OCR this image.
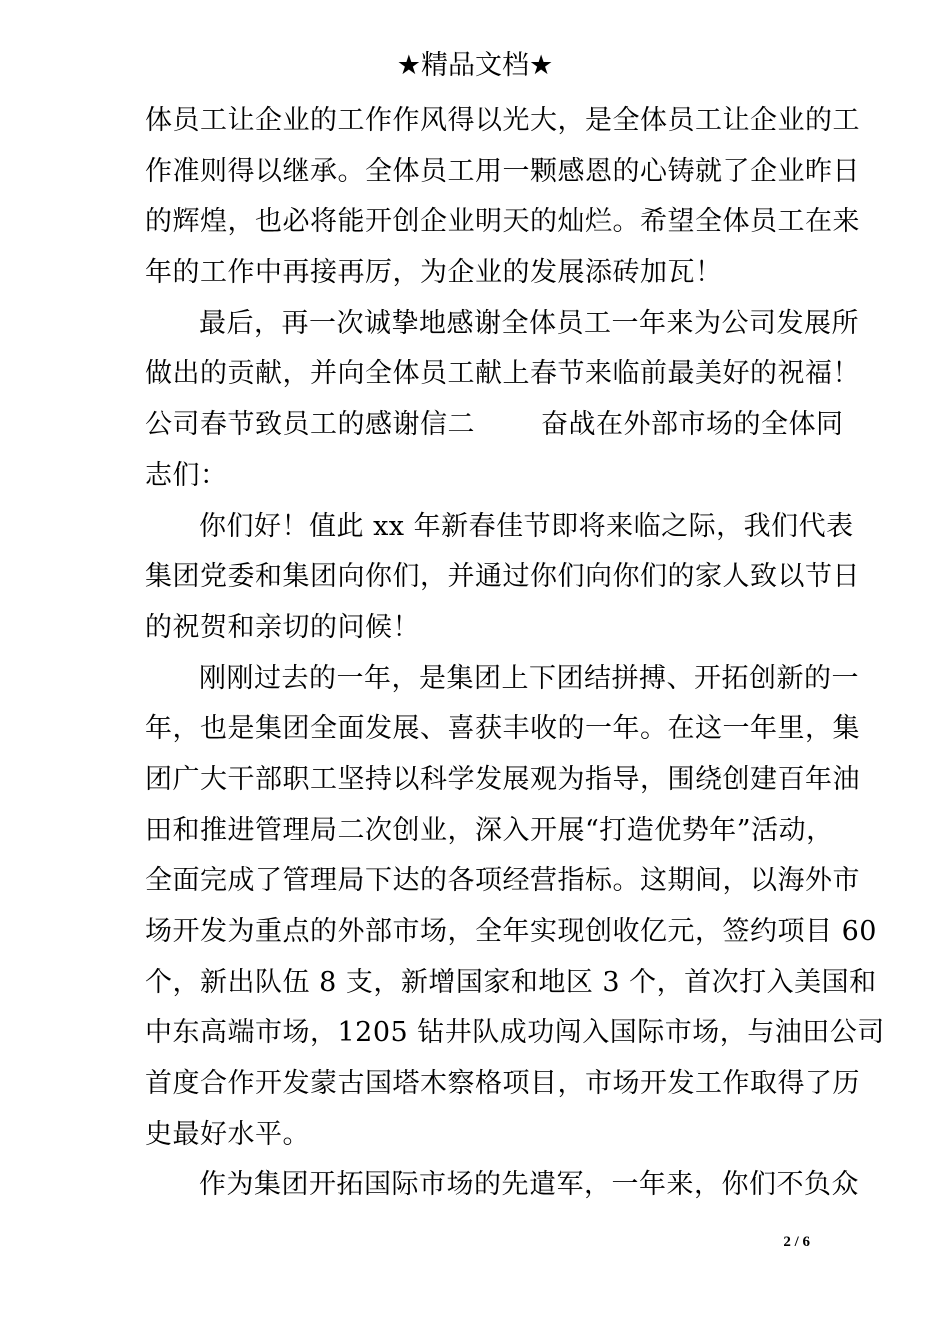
★精品文档★
体员工让企业的工作作风得以光大，是全体员工让企业的工
作准则得以继承。全体员工用一颗感恩的心铸就了企业昨日
的辉煌，也必将能开创企业明天的灿烂。希望全体员工在来
年的工作中再接再厉，为企业的发展添砖加瓦！
最后，再一次诚挚地感谢全体员工一年来为公司发展所
做出的贡献，并向全体员工献上春节来临前最美好的祝福！
公司春节致员工的感谢信二 奋战在外部市场的全体同
志们：
你们好！值此 xx 年新春佳节即将来临之际，我们代表
集团党委和集团向你们，并通过你们向你们的家人致以节日
的祝贺和亲切的问候！
刚刚过去的一年，是集团上下团结拼搏、开拓创新的一
年，也是集团全面发展、喜获丰收的一年。在这一年里，集
团广大干部职工坚持以科学发展观为指导，围绕创建百年油
田和推进管理局二次创业，深入开展“打造优势年”活动，
全面完成了管理局下达的各项经营指标。这期间，以海外市
场开发为重点的外部市场，全年实现创收亿元，签约项目 60
个，新出队伍 8 支，新增国家和地区 3 个，首次打入美国和
中东高端市场，1205 钻井队成功闯入国际市场，与油田公司
首度合作开发蒙古国塔木察格项目，市场开发工作取得了历
史最好水平。
作为集团开拓国际市场的先遣军，一年来，你们不负众
2 / 6
